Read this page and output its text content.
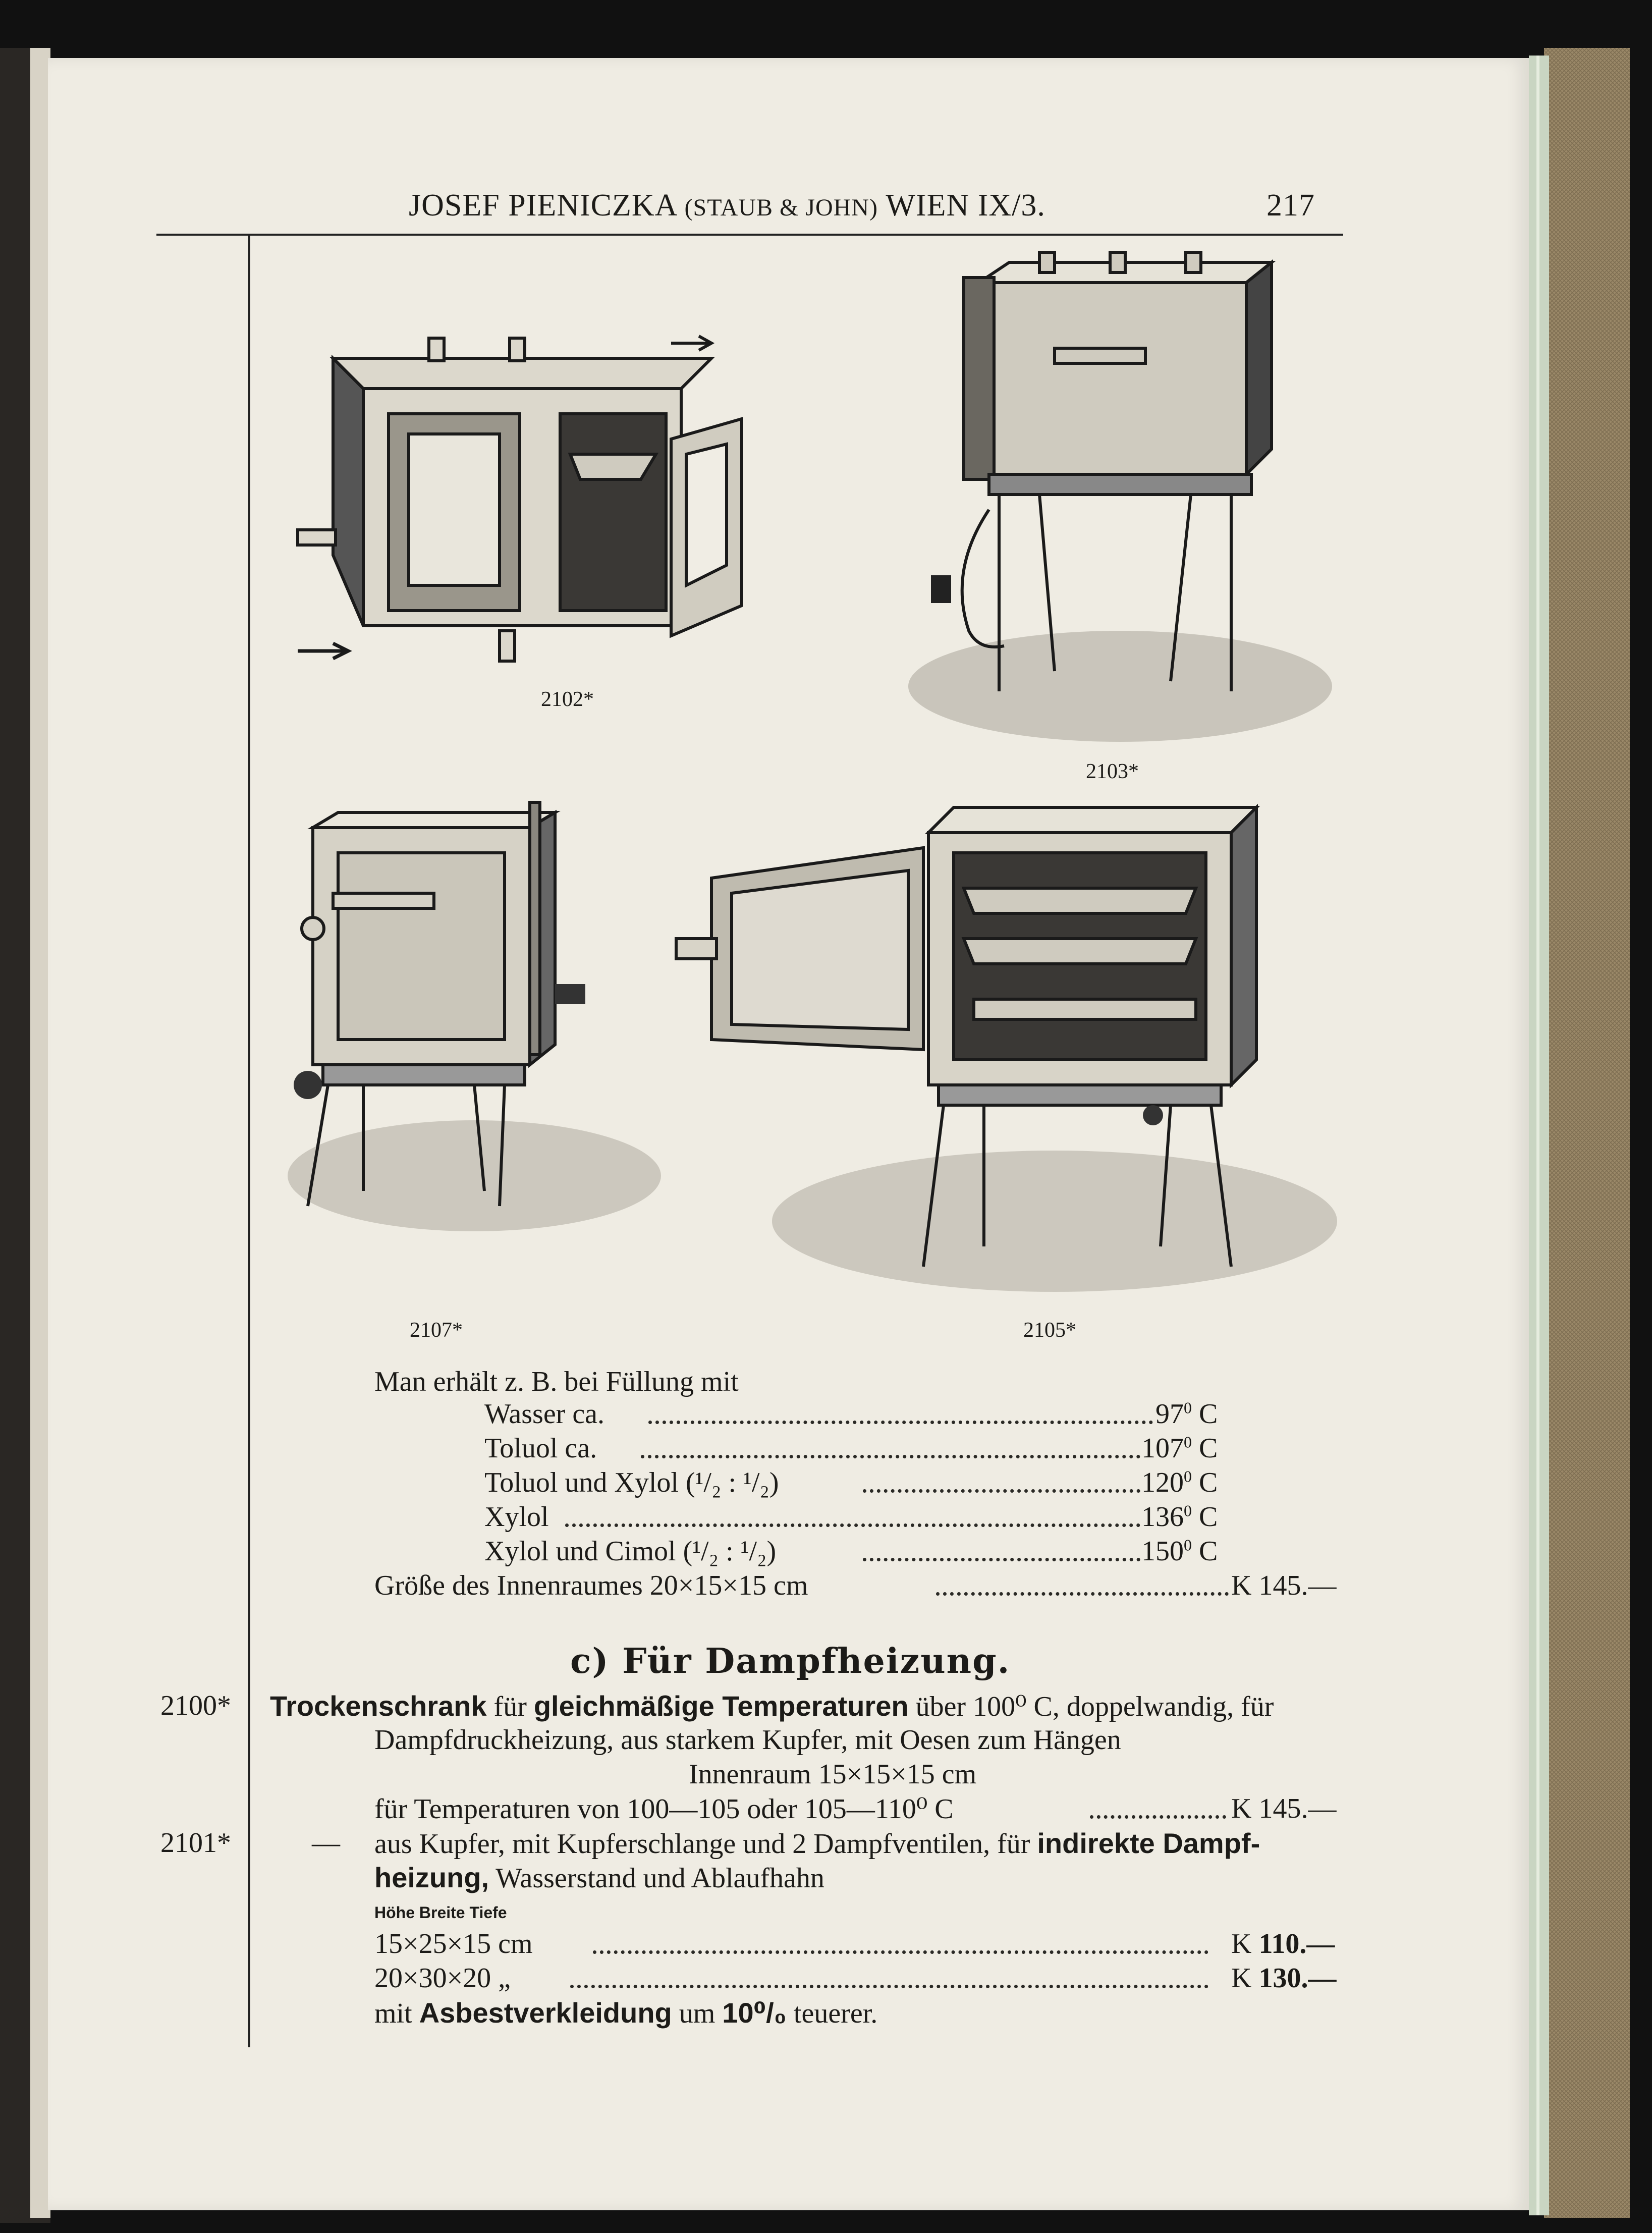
JOSEF PIENICZKA (STAUB & JOHN) WIEN IX/3.	217
2102*
2103*
2107*	2105*
Man erhält z. B. bei Füllung mit
Wasser ca.	$97^0$ C
Toluol ca.	$107^0$ C
Toluol und Xylol (¹/₂ : ¹/₂)	$120^0$ C
Xylol	$136^0$ C
Xylol und Cimol (¹/₂ : ¹/₂)	$150^0$ C
Größe des Innenraumes 20×15×15 cm	K 145.—
c) Für Dampfheizung.
2100* Trockenschrank für gleichmäßige Temperaturen über 100⁰ C, doppelwandig, für
Dampfdruckheizung, aus starkem Kupfer, mit Oesen zum Hängen
Innenraum 15×15×15 cm
für Temperaturen von 100—105 oder 105—110⁰ C	K 145.—
2101*	— aus Kupfer, mit Kupferschlange und 2 Dampfventilen, für indirekte Dampf-
heizung, Wasserstand und Ablaufhahn
Höhe Breite Tiefe
15×25×15 cm	K 110.—
20×30×20 „	K 130.—
mit Asbestverkleidung um 10⁰/₀ teuerer.
